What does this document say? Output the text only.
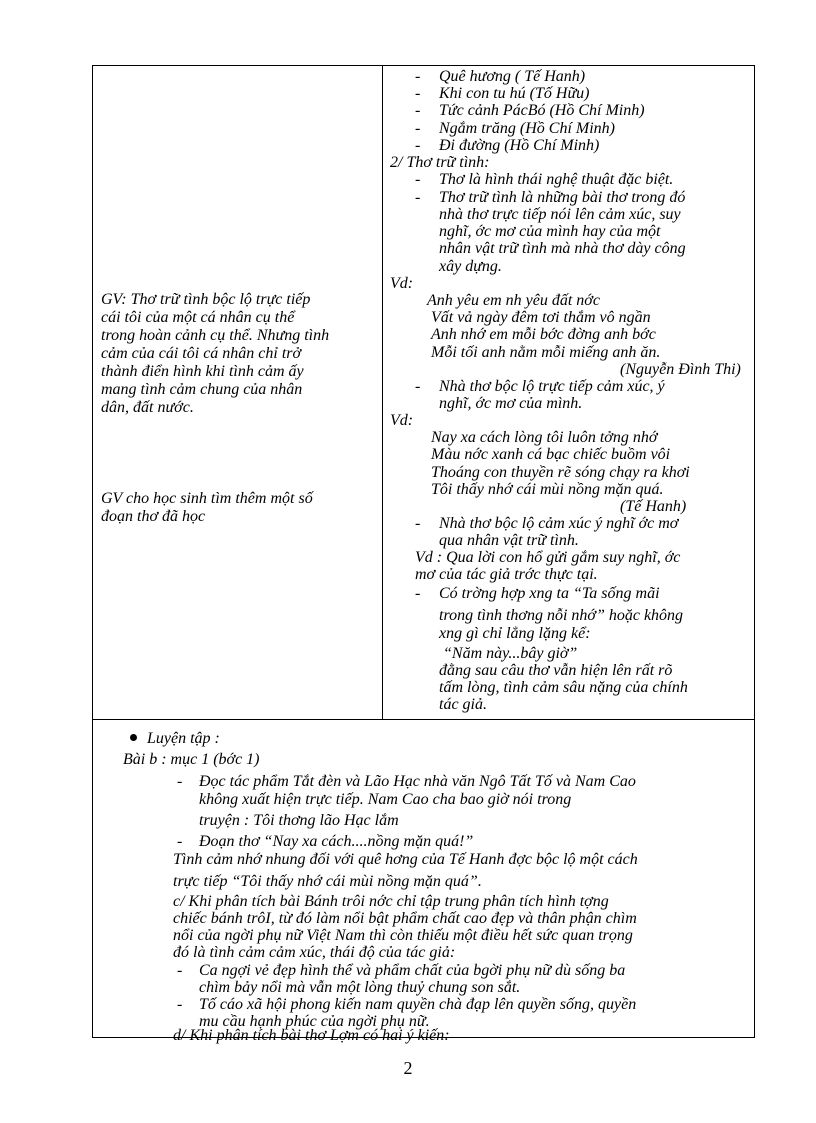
GV: Thơ trữ tình bộc lộ trực tiếp
cái tôi của một cá nhân cụ thể
trong hoàn cảnh cụ thể. Nhưng tình
cảm của cái tôi cá nhân chỉ trở
thành điển hình khi tình cảm ấy
mang tình cảm chung của nhân
dân, đất nước.
GV cho học sinh tìm thêm một số
đoạn thơ đã học
- Quê hương ( Tế Hanh)
- Khi con tu hú (Tố Hữu)
- Tức cảnh PácBó (Hồ Chí Minh)
- Ngắm trăng (Hồ Chí Minh)
- Đi đường (Hồ Chí Minh)
2/ Thơ trữ tình:
- Thơ là hình thái nghệ thuật đặc biệt.
- Thơ trữ tình là những bài thơ trong đó
nhà thơ trực tiếp nói lên cảm xúc, suy
nghĩ, ớc mơ của mình hay của một
nhân vật trữ tình mà nhà thơ dày công
xây dựng.
Vd:
Anh yêu em nh yêu đất nớc
Vất vả ngày đêm tơi thắm vô ngần
Anh nhớ em mỗi bớc đờng anh bớc
Mỗi tối anh nằm mỗi miếng anh ăn.
(Nguyễn Đình Thi)
- Nhà thơ bộc lộ trực tiếp cảm xúc, ý
nghĩ, ớc mơ của mình.
Vd:
Nay xa cách lòng tôi luôn tởng nhớ
Màu nớc xanh cá bạc chiếc buồm vôi
Thoáng con thuyền rẽ sóng chạy ra khơi
Tôi thấy nhớ cái mùi nồng mặn quá.
(Tế Hanh)
- Nhà thơ bộc lộ cảm xúc ý nghĩ ớc mơ
qua nhân vật trữ tình.
Vd : Qua lời con hổ gửi gắm suy nghĩ, ớc
mơ của tác giả trớc thực tại.
- Có trờng hợp xng ta “Ta sống mãi
trong tình thơng nỗi nhớ” hoặc không
xng gì chỉ lẳng lặng kể:
“Năm này...bây giờ”
đằng sau câu thơ vẫn hiện lên rất rõ
tấm lòng, tình cảm sâu nặng của chính
tác giả.
Luyện tập :
Bài b : mục 1 (bớc 1)
- Đọc tác phẩm Tắt đèn và Lão Hạc nhà văn Ngô Tất Tố và Nam Cao
không xuất hiện trực tiếp. Nam Cao cha bao giờ nói trong
truyện : Tôi thơng lão Hạc lắm
- Đoạn thơ “Nay xa cách....nồng mặn quá!”
Tình cảm nhớ nhung đối với quê hơng của Tế Hanh đợc bộc lộ một cách
trực tiếp “Tôi thấy nhớ cái mùi nồng mặn quá”.
c/ Khi phân tích bài Bánh trôi nớc chỉ tập trung phân tích hình tợng
chiếc bánh trôI, từ đó làm nổi bật phẩm chất cao đẹp và thân phận chìm
nổi của ngời phụ nữ Việt Nam thì còn thiếu một điều hết sức quan trọng
đó là tình cảm cảm xúc, thái độ của tác giả:
- Ca ngợi vẻ đẹp hình thể và phẩm chất của bgời phụ nữ dù sống ba
chìm bảy nổi mà vẫn một lòng thuỷ chung son sắt.
- Tố cáo xã hội phong kiến nam quyền chà đạp lên quyền sống, quyền
mu cầu hạnh phúc của ngời phụ nữ.
d/ Khi phân tích bài thơ Lợm có hai ý kiến:
2
